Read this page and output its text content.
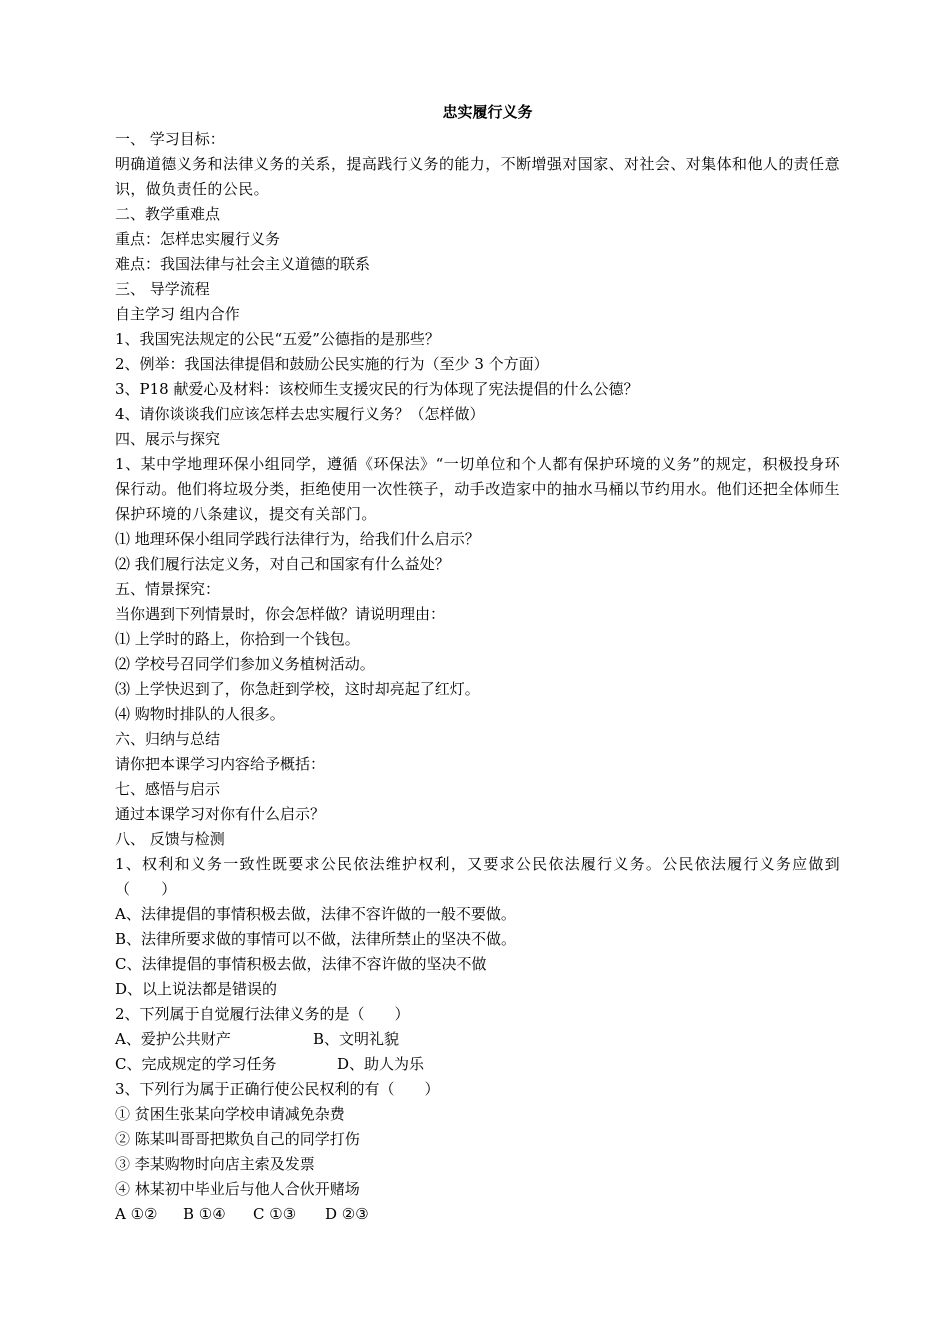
忠实履行义务
一、 学习目标：
明确道德义务和法律义务的关系，提高践行义务的能力，不断增强对国家、对社会、对集体和他人的责任意识，做负责任的公民。
二、教学重难点
重点：怎样忠实履行义务
难点：我国法律与社会主义道德的联系
三、 导学流程
自主学习 组内合作
1、我国宪法规定的公民“五爱”公德指的是那些？
2、例举：我国法律提倡和鼓励公民实施的行为（至少 3 个方面）
3、P18 献爱心及材料：该校师生支援灾民的行为体现了宪法提倡的什么公德？
4、请你谈谈我们应该怎样去忠实履行义务？（怎样做）
四、展示与探究
1、某中学地理环保小组同学，遵循《环保法》“一切单位和个人都有保护环境的义务”的规定，积极投身环保行动。他们将垃圾分类，拒绝使用一次性筷子，动手改造家中的抽水马桶以节约用水。他们还把全体师生保护环境的八条建议，提交有关部门。
⑴ 地理环保小组同学践行法律行为，给我们什么启示？
⑵ 我们履行法定义务，对自己和国家有什么益处？
五、情景探究：
当你遇到下列情景时，你会怎样做？请说明理由：
⑴ 上学时的路上，你拾到一个钱包。
⑵ 学校号召同学们参加义务植树活动。
⑶ 上学快迟到了，你急赶到学校，这时却亮起了红灯。
⑷ 购物时排队的人很多。
六、归纳与总结
请你把本课学习内容给予概括：
七、感悟与启示
通过本课学习对你有什么启示？
八、 反馈与检测
1、权利和义务一致性既要求公民依法维护权利，又要求公民依法履行义务。公民依法履行义务应做到（　　）
A、法律提倡的事情积极去做，法律不容许做的一般不要做。
B、法律所要求做的事情可以不做，法律所禁止的坚决不做。
C、法律提倡的事情积极去做，法律不容许做的坚决不做
D、以上说法都是错误的
2、下列属于自觉履行法律义务的是（　　）
A、爱护公共财产	B、文明礼貌
C、完成规定的学习任务	D、助人为乐
3、下列行为属于正确行使公民权利的有（　　）
① 贫困生张某向学校申请减免杂费
② 陈某叫哥哥把欺负自己的同学打伤
③ 李某购物时向店主索及发票
④ 林某初中毕业后与他人合伙开赌场
A ①② B ①④ C ①③ D ②③
